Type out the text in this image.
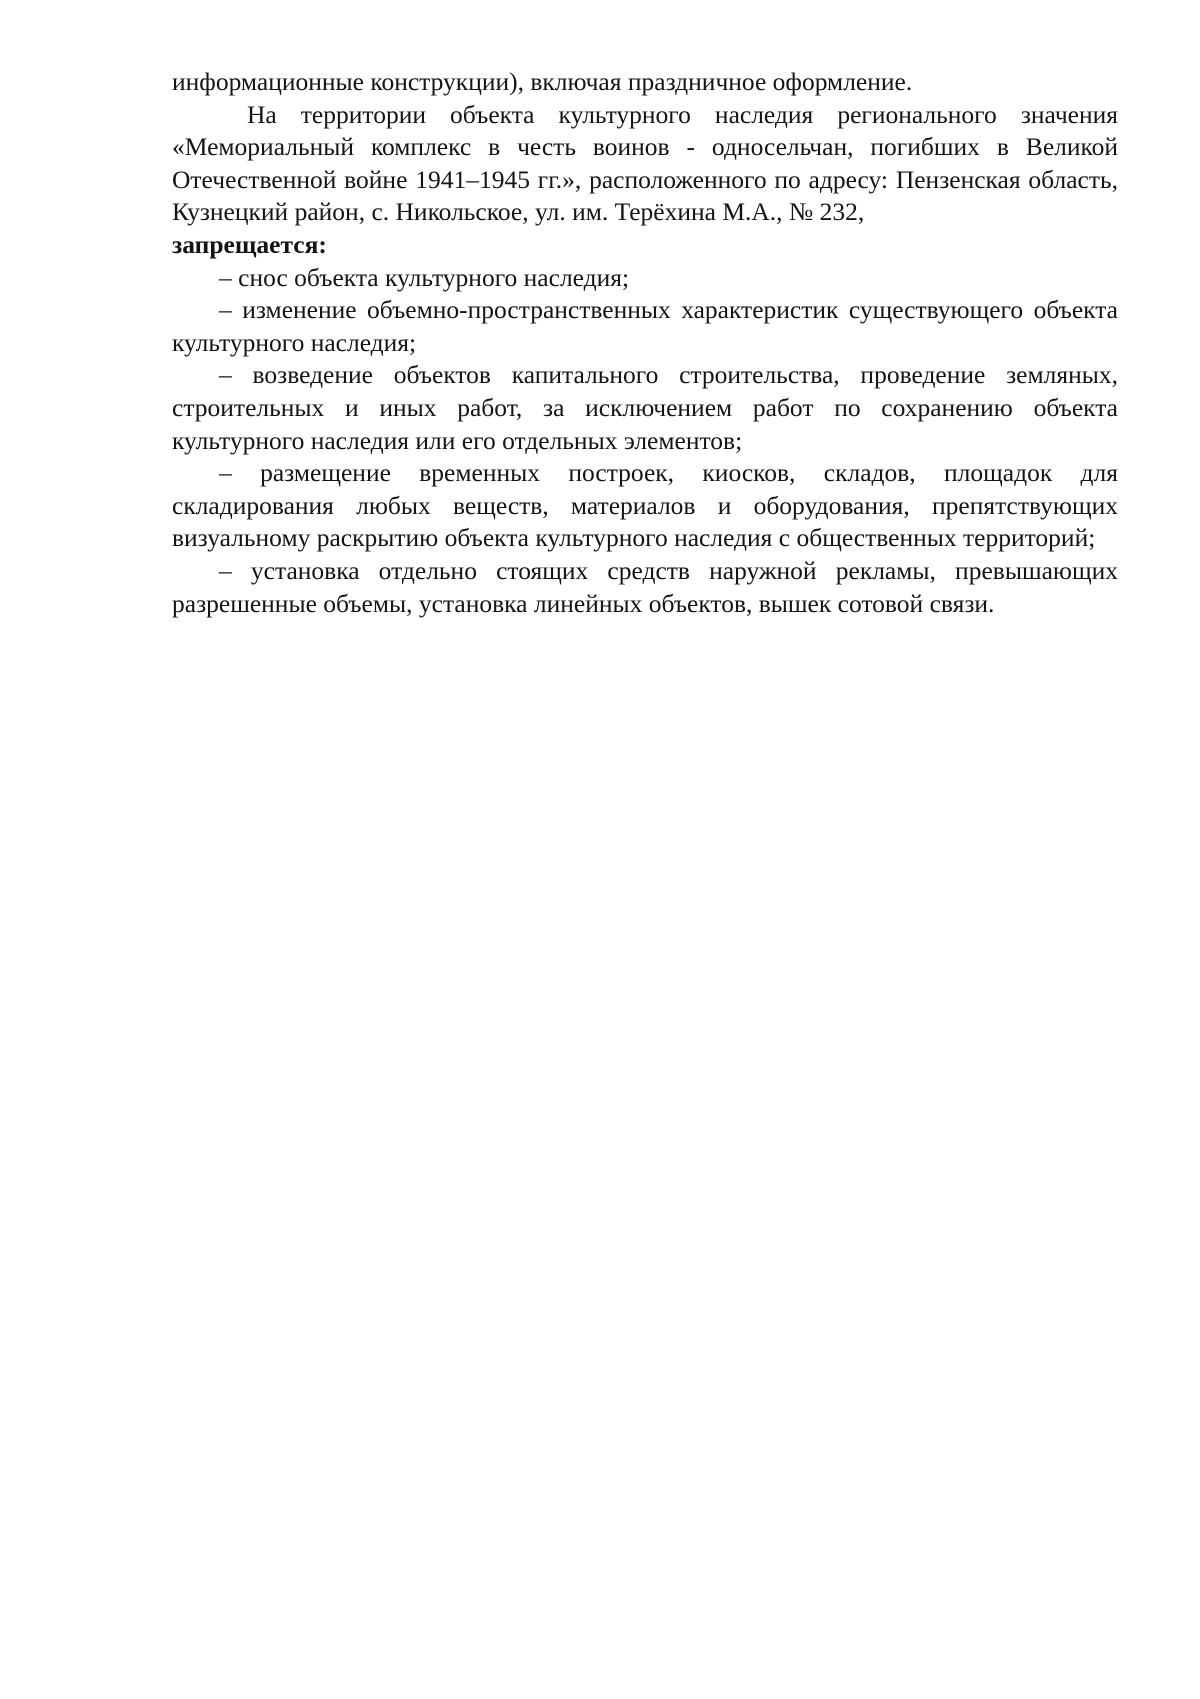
информационные конструкции), включая праздничное оформление.

На территории объекта культурного наследия регионального значения «Мемориальный комплекс в честь воинов - односельчан, погибших в Великой Отечественной войне 1941–1945 гг.», расположенного по адресу: Пензенская область, Кузнецкий район, с. Никольское, ул. им. Терёхина М.А., № 232,

запрещается:

– снос объекта культурного наследия;

– изменение объемно-пространственных характеристик существующего объекта культурного наследия;

– возведение объектов капитального строительства, проведение земляных, строительных и иных работ, за исключением работ по сохранению объекта культурного наследия или его отдельных элементов;

– размещение временных построек, киосков, складов, площадок для складирования любых веществ, материалов и оборудования, препятствующих визуальному раскрытию объекта культурного наследия с общественных территорий;

– установка отдельно стоящих средств наружной рекламы, превышающих разрешенные объемы, установка линейных объектов, вышек сотовой связи.
